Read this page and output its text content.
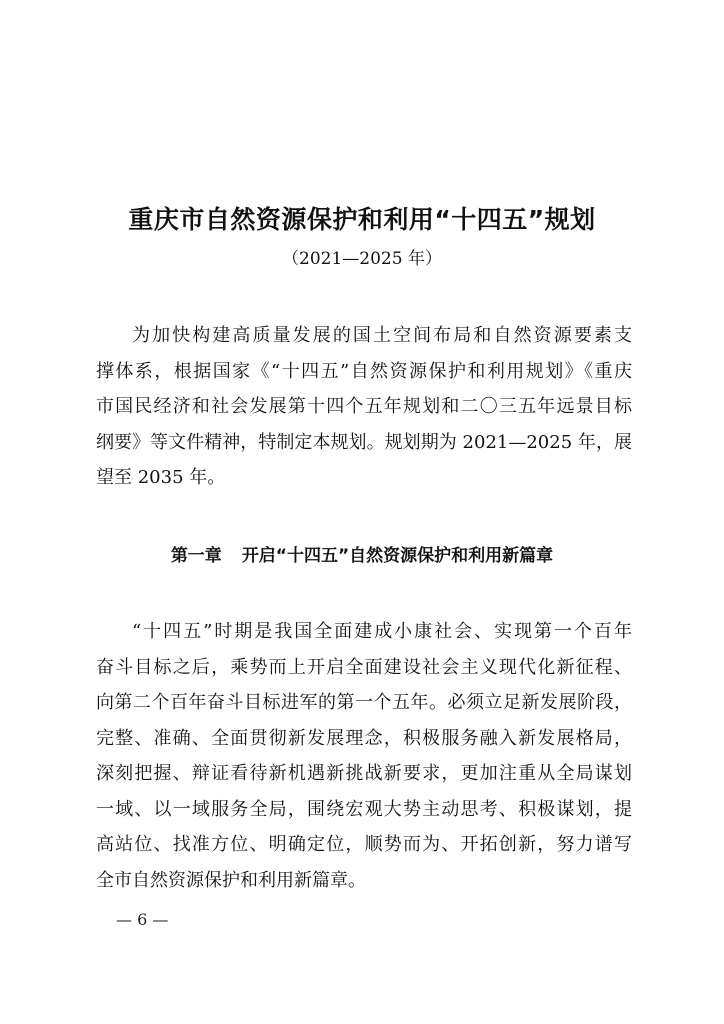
重庆市自然资源保护和利用“十四五”规划
（2021—2025 年）
为加快构建高质量发展的国土空间布局和自然资源要素支
撑体系，根据国家《“十四五”自然资源保护和利用规划》《重庆
市国民经济和社会发展第十四个五年规划和二〇三五年远景目标
纲要》等文件精神，特制定本规划。规划期为 2021—2025 年，展
望至 2035 年。
第一章 开启“十四五”自然资源保护和利用新篇章
“十四五”时期是我国全面建成小康社会、实现第一个百年
奋斗目标之后，乘势而上开启全面建设社会主义现代化新征程、
向第二个百年奋斗目标进军的第一个五年。必须立足新发展阶段，
完整、准确、全面贯彻新发展理念，积极服务融入新发展格局，
深刻把握、辩证看待新机遇新挑战新要求，更加注重从全局谋划
一域、以一域服务全局，围绕宏观大势主动思考、积极谋划，提
高站位、找准方位、明确定位，顺势而为、开拓创新，努力谱写
全市自然资源保护和利用新篇章。
— 6 —
